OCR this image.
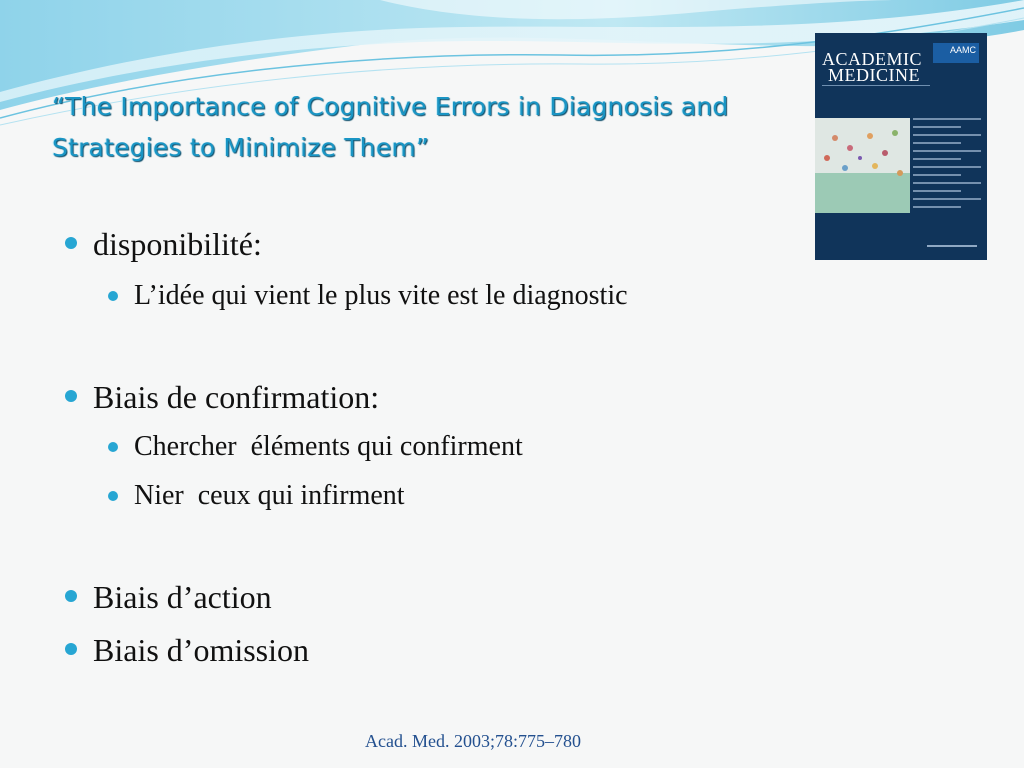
“The Importance of Cognitive Errors in Diagnosis and Strategies to Minimize Them”
ACADEMIC
MEDICINE
AAMC
disponibilité:
L’idée qui vient le plus vite est le diagnostic
Biais de confirmation:
Chercher  éléments qui confirment
Nier  ceux qui infirment
Biais d’action
Biais d’omission
Acad. Med. 2003;78:775–780
